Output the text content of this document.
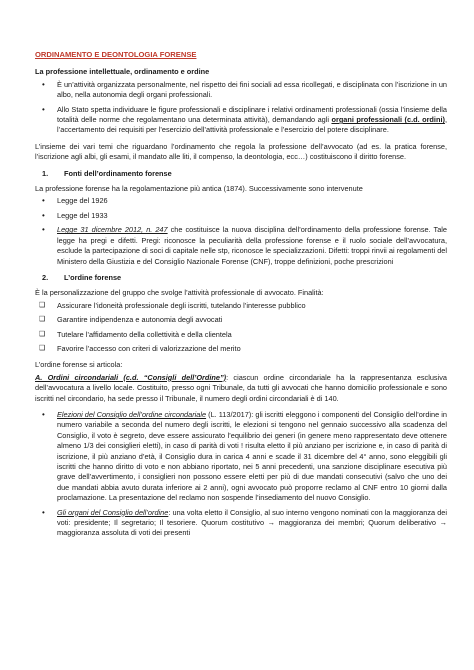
ORDINAMENTO E DEONTOLOGIA FORENSE
La professione intellettuale, ordinamento e ordine
• È un’attività organizzata personalmente, nel rispetto dei fini sociali ad essa ricollegati, e disciplinata con l’iscrizione in un albo, nella autonomia degli organi professionali.
• Allo Stato spetta individuare le figure professionali e disciplinare i relativi ordinamenti professionali (ossia l’insieme della totalità delle norme che regolamentano una determinata attività), demandando agli organi professionali (c.d. ordini), l’accertamento dei requisiti per l’esercizio dell’attività professionale e l’esercizio del potere disciplinare.

L’insieme dei vari temi che riguardano l’ordinamento che regola la professione dell’avvocato (ad es. la pratica forense, l’iscrizione agli albi, gli esami, il mandato alle liti, il compenso, la deontologia, ecc…) costituiscono il diritto forense.

1. Fonti dell’ordinamento forense

La professione forense ha la regolamentazione più antica (1874). Successivamente sono intervenute

• Legge del 1926
• Legge del 1933
• Legge 31 dicembre 2012, n. 247 che costituisce la nuova disciplina dell’ordinamento della professione forense. Tale legge ha pregi e difetti. Pregi: riconosce la peculiarità della professione forense e il ruolo sociale dell’avvocatura, esclude la partecipazione di soci di capitale nelle stp, riconosce le specializzazioni. Difetti: troppi rinvii ai regolamenti del Ministero della Giustizia e del Consiglio Nazionale Forense (CNF), troppe definizioni, poche prescrizioni
2. L’ordine forense

È la personalizzazione del gruppo che svolge l’attività professionale di avvocato. Finalità:

❑ Assicurare l’idoneità professionale degli iscritti, tutelando l’interesse pubblico
❑ Garantire indipendenza e autonomia degli avvocati
❑ Tutelare l’affidamento della collettività e della clientela
❑ Favorire l’accesso con criteri di valorizzazione del merito

L’ordine forense si articola:

A. Ordini circondariali (c.d. “Consigli dell’Ordine”): ciascun ordine circondariale ha la rappresentanza esclusiva dell’avvocatura a livello locale. Costituito, presso ogni Tribunale, da tutti gli avvocati che hanno domicilio professionale e sono iscritti nel circondario, ha sede presso il Tribunale, il numero degli ordini circondariali è di 140.

• Elezioni del Consiglio dell’ordine circondariale (L. 113/2017): gli iscritti eleggono i componenti del Consiglio dell’ordine in numero variabile a seconda del numero degli iscritti, le elezioni si tengono nel gennaio successivo alla scadenza del Consiglio, il voto è segreto, deve essere assicurato l’equilibrio dei generi (in genere meno rappresentato deve ottenere almeno 1/3 dei consiglieri eletti), in caso di parità di voti ! risulta eletto il più anziano per iscrizione e, in caso di parità di iscrizione, il più anziano d’età, il Consiglio dura in carica 4 anni e scade il 31 dicembre del 4° anno, sono eleggibili gli iscritti che hanno diritto di voto e non abbiano riportato, nei 5 anni precedenti, una sanzione disciplinare esecutiva più grave dell’avvertimento, i consiglieri non possono essere eletti per più di due mandati consecutivi (salvo che uno dei due mandati abbia avuto durata inferiore ai 2 anni), ogni avvocato può proporre reclamo al CNF entro 10 giorni dalla proclamazione. La presentazione del reclamo non sospende l’insediamento del nuovo Consiglio.
• Gli organi del Consiglio dell’ordine: una volta eletto il Consiglio, al suo interno vengono nominati con la maggioranza dei voti: presidente; Il segretario; Il tesoriere. Quorum costitutivo → maggioranza dei membri; Quorum deliberativo → maggioranza assoluta di voti dei presenti
